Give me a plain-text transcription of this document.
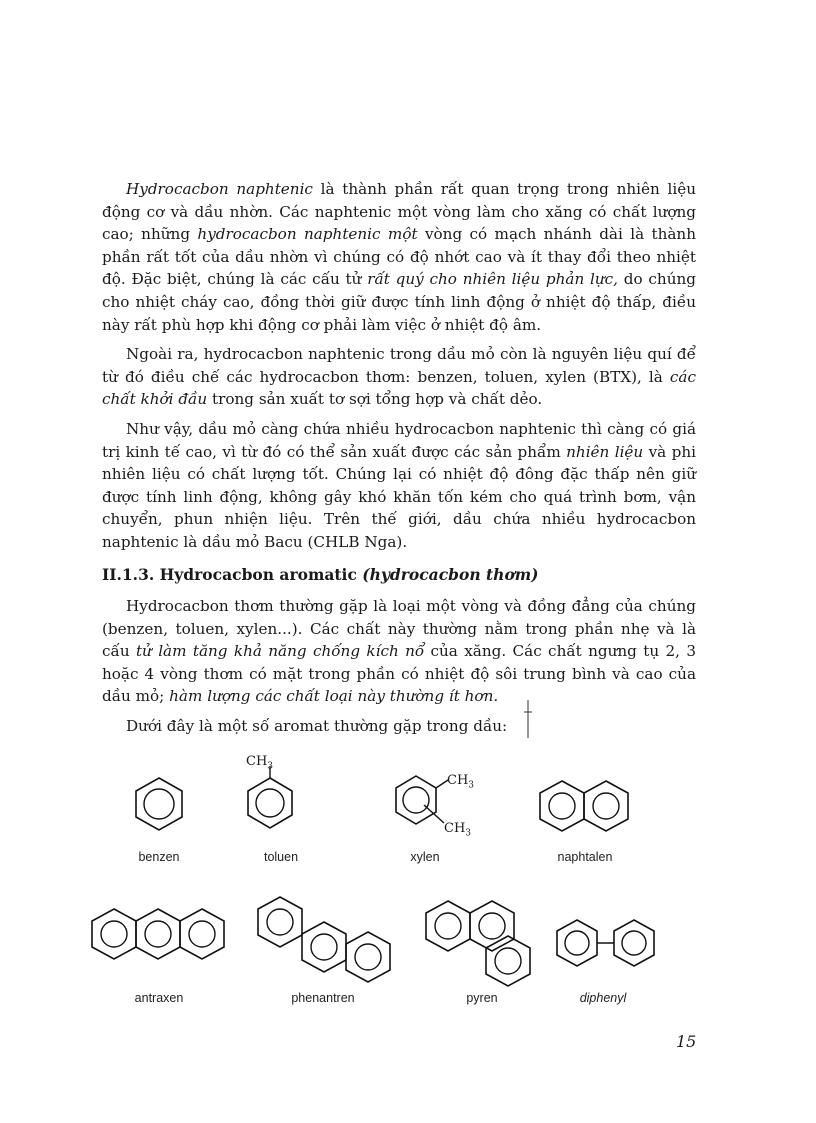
Hydrocacbon naphtenic là thành phần rất quan trọng trong nhiên liệu động cơ và dầu nhờn. Các naphtenic một vòng làm cho xăng có chất lượng cao; những hydrocacbon naphtenic một vòng có mạch nhánh dài là thành phần rất tốt của dầu nhờn vì chúng có độ nhớt cao và ít thay đổi theo nhiệt độ. Đặc biệt, chúng là các cấu tử rất quý cho nhiên liệu phản lực, do chúng cho nhiệt cháy cao, đồng thời giữ được tính linh động ở nhiệt độ thấp, điều này rất phù hợp khi động cơ phải làm việc ở nhiệt độ âm.

Ngoài ra, hydrocacbon naphtenic trong dầu mỏ còn là nguyên liệu quí để từ đó điều chế các hydrocacbon thơm: benzen, toluen, xylen (BTX), là các chất khởi đầu trong sản xuất tơ sợi tổng hợp và chất dẻo.

Như vậy, dầu mỏ càng chứa nhiều hydrocacbon naphtenic thì càng có giá trị kinh tế cao, vì từ đó có thể sản xuất được các sản phẩm nhiên liệu và phi nhiên liệu có chất lượng tốt. Chúng lại có nhiệt độ đông đặc thấp nên giữ được tính linh động, không gây khó khăn tốn kém cho quá trình bơm, vận chuyển, phun nhiện liệu. Trên thế giới, dầu chứa nhiều hydrocacbon naphtenic là dầu mỏ Bacu (CHLB Nga).

II.1.3. Hydrocacbon aromatic (hydrocacbon thơm)

Hydrocacbon thơm thường gặp là loại một vòng và đồng đẳng của chúng (benzen, toluen, xylen...). Các chất này thường nằm trong phần nhẹ và là cấu tử làm tăng khả năng chống kích nổ của xăng. Các chất ngưng tụ 2, 3 hoặc 4 vòng thơm có mặt trong phần có nhiệt độ sôi trung bình và cao của dầu mỏ; hàm lượng các chất loại này thường ít hơn.

Dưới đây là một số aromat thường gặp trong dầu:

benzen
$CH_3$
toluen
$CH_3$
$CH_3$
xylen	naphtalen
antraxen	phenantren	pyren	diphenyl
15
